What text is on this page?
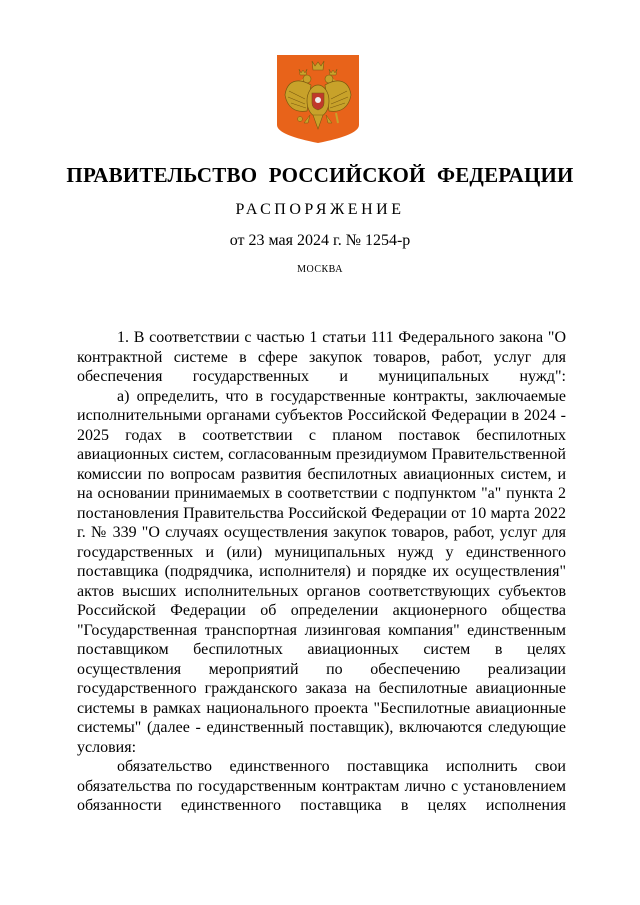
ПРАВИТЕЛЬСТВО РОССИЙСКОЙ ФЕДЕРАЦИИ
РАСПОРЯЖЕНИЕ
от 23 мая 2024 г. № 1254-р
МОСКВА

1. В соответствии с частью 1 статьи 111 Федерального закона "О контрактной системе в сфере закупок товаров, работ, услуг для обеспечения государственных и муниципальных нужд":

а) определить, что в государственные контракты, заключаемые исполнительными органами субъектов Российской Федерации в 2024 - 2025 годах в соответствии с планом поставок беспилотных авиационных систем, согласованным президиумом Правительственной комиссии по вопросам развития беспилотных авиационных систем, и на основании принимаемых в соответствии с подпунктом "а" пункта 2 постановления Правительства Российской Федерации от 10 марта 2022 г. № 339 "О случаях осуществления закупок товаров, работ, услуг для государственных и (или) муниципальных нужд у единственного поставщика (подрядчика, исполнителя) и порядке их осуществления" актов высших исполнительных органов соответствующих субъектов Российской Федерации об определении акционерного общества "Государственная транспортная лизинговая компания" единственным поставщиком беспилотных авиационных систем в целях осуществления мероприятий по обеспечению реализации государственного гражданского заказа на беспилотные авиационные системы в рамках национального проекта "Беспилотные авиационные системы" (далее - единственный поставщик), включаются следующие условия:

обязательство единственного поставщика исполнить свои обязательства по государственным контрактам лично с установлением обязанности единственного поставщика в целях исполнения
